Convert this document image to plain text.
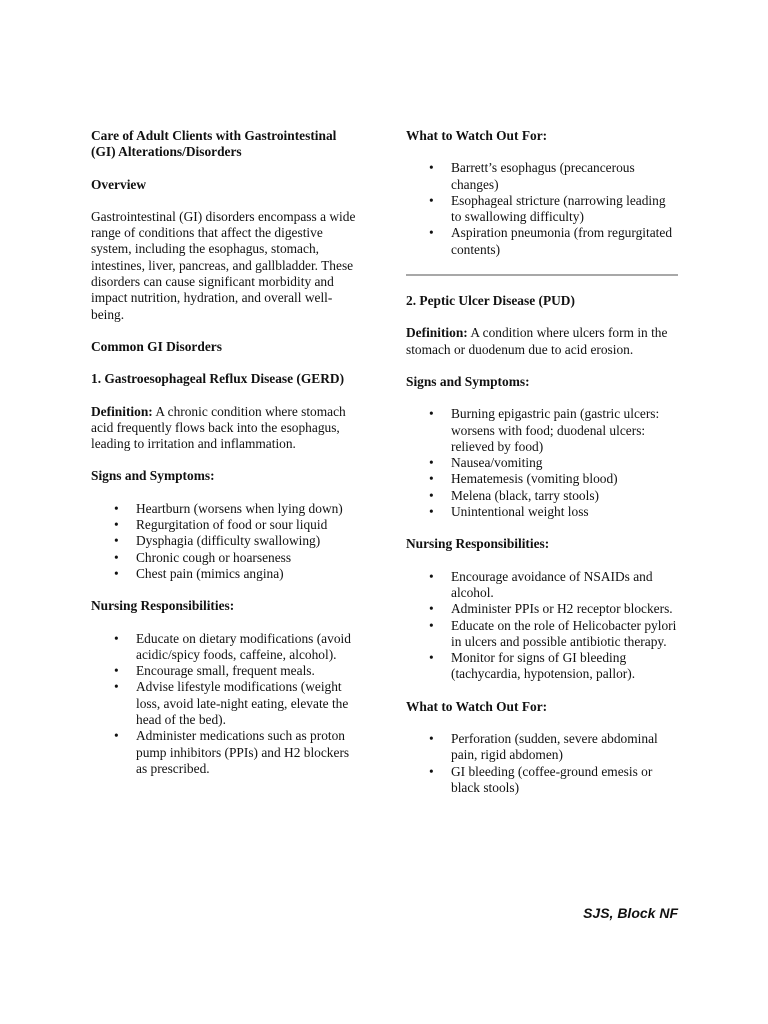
Care of Adult Clients with Gastrointestinal (GI) Alterations/Disorders
Overview
Gastrointestinal (GI) disorders encompass a wide range of conditions that affect the digestive system, including the esophagus, stomach, intestines, liver, pancreas, and gallbladder. These disorders can cause significant morbidity and impact nutrition, hydration, and overall well-being.
Common GI Disorders
1. Gastroesophageal Reflux Disease (GERD)
Definition: A chronic condition where stomach acid frequently flows back into the esophagus, leading to irritation and inflammation.
Signs and Symptoms:
• Heartburn (worsens when lying down)
• Regurgitation of food or sour liquid
• Dysphagia (difficulty swallowing)
• Chronic cough or hoarseness
• Chest pain (mimics angina)
Nursing Responsibilities:
• Educate on dietary modifications (avoid acidic/spicy foods, caffeine, alcohol).
• Encourage small, frequent meals.
• Advise lifestyle modifications (weight loss, avoid late-night eating, elevate the head of the bed).
• Administer medications such as proton pump inhibitors (PPIs) and H2 blockers as prescribed.
What to Watch Out For:
• Barrett’s esophagus (precancerous changes)
• Esophageal stricture (narrowing leading to swallowing difficulty)
• Aspiration pneumonia (from regurgitated contents)
2. Peptic Ulcer Disease (PUD)
Definition: A condition where ulcers form in the stomach or duodenum due to acid erosion.
Signs and Symptoms:
• Burning epigastric pain (gastric ulcers: worsens with food; duodenal ulcers: relieved by food)
• Nausea/vomiting
• Hematemesis (vomiting blood)
• Melena (black, tarry stools)
• Unintentional weight loss
Nursing Responsibilities:
• Encourage avoidance of NSAIDs and alcohol.
• Administer PPIs or H2 receptor blockers.
• Educate on the role of Helicobacter pylori in ulcers and possible antibiotic therapy.
• Monitor for signs of GI bleeding (tachycardia, hypotension, pallor).
What to Watch Out For:
• Perforation (sudden, severe abdominal pain, rigid abdomen)
• GI bleeding (coffee-ground emesis or black stools)
SJS, Block NF
